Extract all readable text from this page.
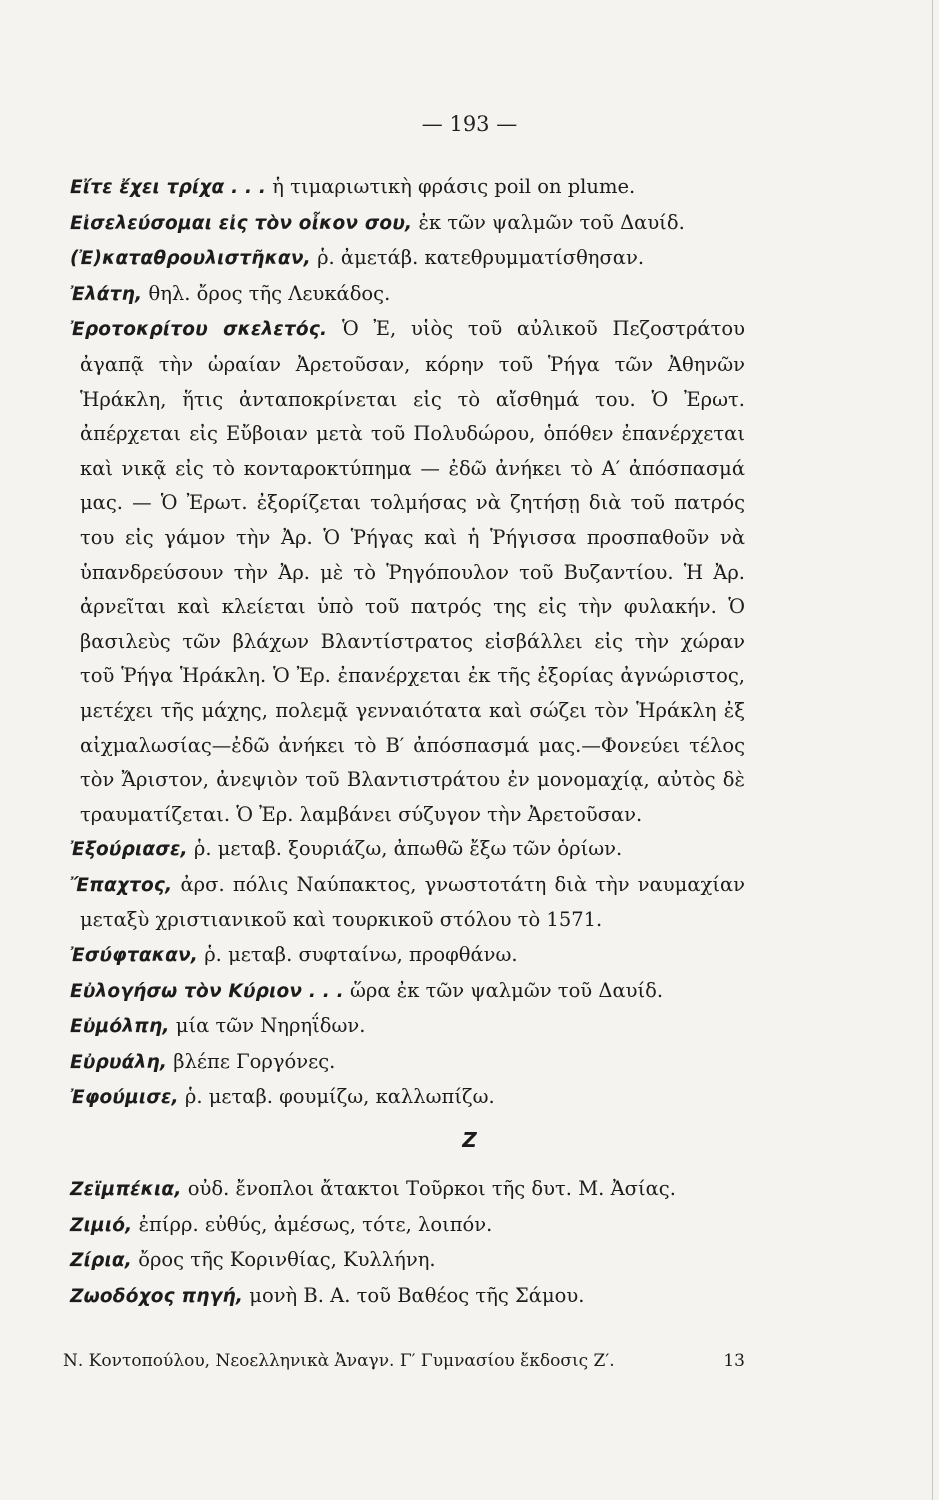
— 193 —

Εἴτε ἔχει τρίχα . . . ἡ τιμαριωτικὴ φράσις poil on plume.

Εἰσελεύσομαι εἰς τὸν οἶκον σου, ἐκ τῶν ψαλμῶν τοῦ Δαυίδ.

(Ἐ)καταθρουλιστῆκαν, ῥ. ἀμετάβ. κατεθρυμματίσθησαν.

Ἐλάτη, θηλ. ὄρος τῆς Λευκάδος.

Ἐροτοκρίτου σκελετός. Ὁ Ἐ, υἱὸς τοῦ αὐλικοῦ Πεζοστράτου ἀγαπᾷ τὴν ὡραίαν Ἀρετοῦσαν, κόρην τοῦ Ῥήγα τῶν Ἀθηνῶν Ἡράκλη, ἥτις ἀνταποκρίνεται εἰς τὸ αἴσθημά του. Ὁ Ἐρωτ. ἀπέρχεται εἰς Εὔβοιαν μετὰ τοῦ Πολυδώρου, ὁπόθεν ἐπανέρχεται καὶ νικᾷ εἰς τὸ κονταροκτύπημα — ἐδῶ ἀνήκει τὸ Α′ ἀπόσπασμά μας. — Ὁ Ἐρωτ. ἐξορίζεται τολμήσας νὰ ζητήσῃ διὰ τοῦ πατρός του εἰς γάμον τὴν Ἀρ. Ὁ Ῥήγας καὶ ἡ Ῥήγισσα προσπαθοῦν νὰ ὑπανδρεύσουν τὴν Ἀρ. μὲ τὸ Ῥηγόπουλον τοῦ Βυζαντίου. Ἡ Ἀρ. ἀρνεῖται καὶ κλείεται ὑπὸ τοῦ πατρός της εἰς τὴν φυλακήν. Ὁ βασιλεὺς τῶν βλάχων Βλαντίστρατος εἰσβάλλει εἰς τὴν χώραν τοῦ Ῥήγα Ἡράκλη. Ὁ Ἐρ. ἐπανέρχεται ἐκ τῆς ἐξορίας ἀγνώριστος, μετέχει τῆς μάχης, πολεμᾷ γενναιότατα καὶ σώζει τὸν Ἡράκλη ἐξ αἰχμαλωσίας—ἐδῶ ἀνήκει τὸ Β′ ἀπόσπασμά μας.—Φονεύει τέλος τὸν Ἄριστον, ἀνεψιὸν τοῦ Βλαντιστράτου ἐν μονομαχίᾳ, αὐτὸς δὲ τραυματίζεται. Ὁ Ἐρ. λαμβάνει σύζυγον τὴν Ἀρετοῦσαν.

Ἐξούριασε, ῥ. μεταβ. ξουριάζω, ἀπωθῶ ἔξω τῶν ὁρίων.

Ἔπαχτος, ἀρσ. πόλις Ναύπακτος, γνωστοτάτη διὰ τὴν ναυμαχίαν μεταξὺ χριστιανικοῦ καὶ τουρκικοῦ στόλου τὸ 1571.

Ἐσύφτακαν, ῥ. μεταβ. συφταίνω, προφθάνω.

Εὐλογήσω τὸν Κύριον . . . ὥρα ἐκ τῶν ψαλμῶν τοῦ Δαυίδ.

Εὐμόλπη, μία τῶν Νηρηΐδων.

Εὐρυάλη, βλέπε Γοργόνες.

Ἐφούμισε, ῥ. μεταβ. φουμίζω, καλλωπίζω.

Z

Ζεϊμπέκια, οὐδ. ἔνοπλοι ἄτακτοι Τοῦρκοι τῆς δυτ. Μ. Ἀσίας.

Ζιμιό, ἐπίρρ. εὐθύς, ἀμέσως, τότε, λοιπόν.

Ζίρια, ὄρος τῆς Κορινθίας, Κυλλήνη.

Ζωοδόχος πηγή, μονὴ Β. Α. τοῦ Βαθέος τῆς Σάμου.

Ν. Κοντοπούλου, Νεοελληνικὰ Ἀναγν. Γ′ Γυμνασίου ἔκδοσις Ζ′.	13
